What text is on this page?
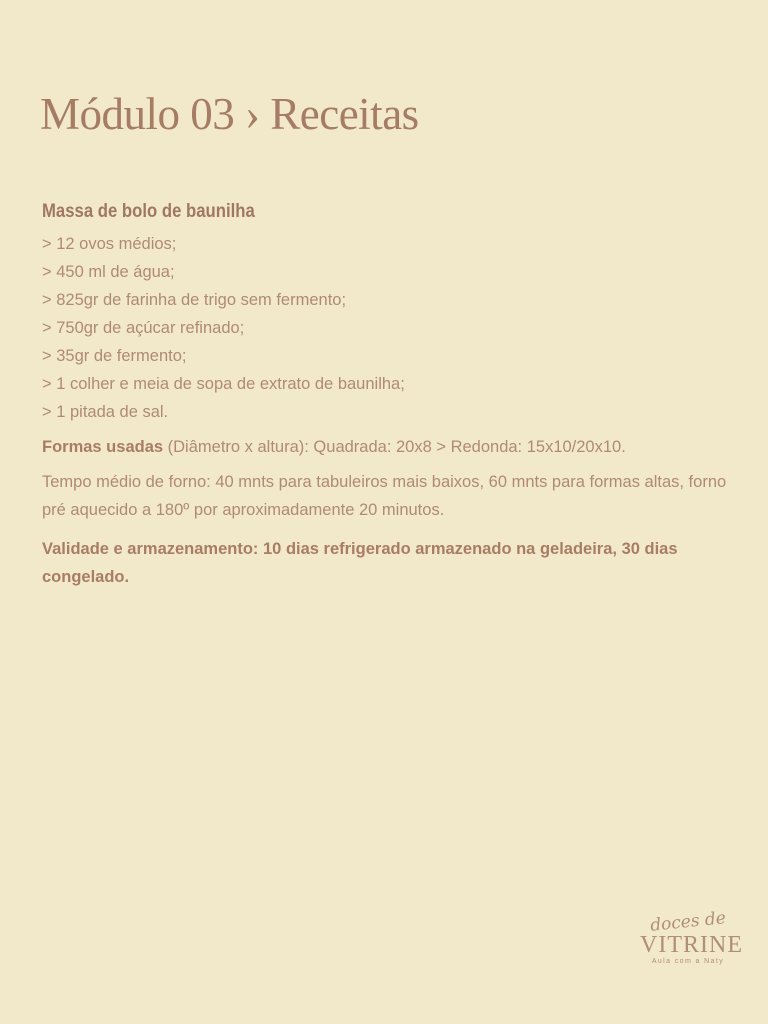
Módulo 03 › Receitas
Massa de bolo de baunilha
> 12 ovos médios;
> 450 ml de água;
> 825gr de farinha de trigo sem fermento;
> 750gr de açúcar refinado;
> 35gr de fermento;
> 1 colher e meia de sopa de extrato de baunilha;
> 1 pitada de sal.

Formas usadas (Diâmetro x altura): Quadrada: 20x8 > Redonda: 15x10/20x10.

Tempo médio de forno: 40 mnts para tabuleiros mais baixos, 60 mnts para formas altas, forno pré aquecido a 180º por aproximadamente 20 minutos.

Validade e armazenamento: 10 dias refrigerado armazenado na geladeira, 30 dias congelado.

doces de
VITRINE
Aula com a Naty
